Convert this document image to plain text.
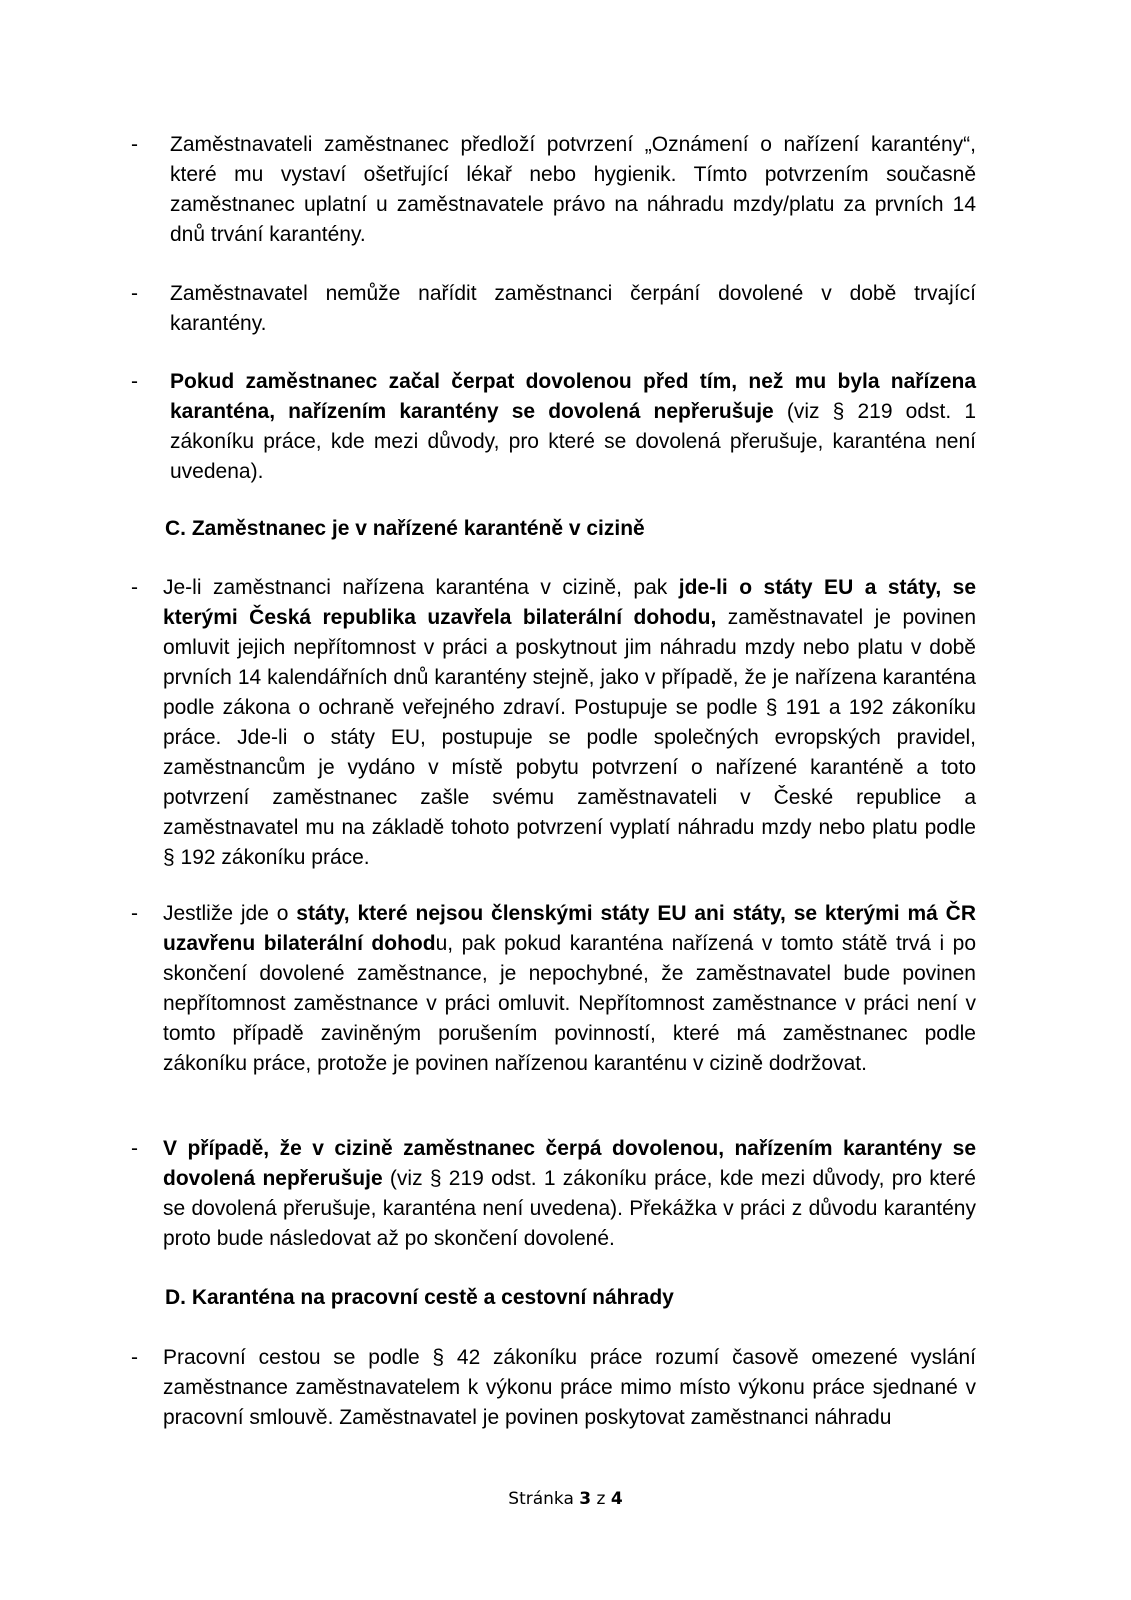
- Zaměstnavateli zaměstnanec předloží potvrzení „Oznámení o nařízení karantény“, které mu vystaví ošetřující lékař nebo hygienik. Tímto potvrzením současně zaměstnanec uplatní u zaměstnavatele právo na náhradu mzdy/platu za prvních 14 dnů trvání karantény.

- Zaměstnavatel nemůže nařídit zaměstnanci čerpání dovolené v době trvající karantény.

- Pokud zaměstnanec začal čerpat dovolenou před tím, než mu byla nařízena karanténa, nařízením karantény se dovolená nepřerušuje (viz § 219 odst. 1 zákoníku práce, kde mezi důvody, pro které se dovolená přerušuje, karanténa není uvedena).

C. Zaměstnanec je v nařízené karanténě v cizině
- Je-li zaměstnanci nařízena karanténa v cizině, pak jde-li o státy EU a státy, se kterými Česká republika uzavřela bilaterální dohodu, zaměstnavatel je povinen omluvit jejich nepřítomnost v práci a poskytnout jim náhradu mzdy nebo platu v době prvních 14 kalendářních dnů karantény stejně, jako v případě, že je nařízena karanténa podle zákona o ochraně veřejného zdraví. Postupuje se podle § 191 a 192 zákoníku práce. Jde-li o státy EU, postupuje se podle společných evropských pravidel, zaměstnancům je vydáno v místě pobytu potvrzení o nařízené karanténě a toto potvrzení zaměstnanec zašle svému zaměstnavateli v České republice a zaměstnavatel mu na základě tohoto potvrzení vyplatí náhradu mzdy nebo platu podle § 192 zákoníku práce.

- Jestliže jde o státy, které nejsou členskými státy EU ani státy, se kterými má ČR uzavřenu bilaterální dohodu, pak pokud karanténa nařízená v tomto státě trvá i po skončení dovolené zaměstnance, je nepochybné, že zaměstnavatel bude povinen nepřítomnost zaměstnance v práci omluvit. Nepřítomnost zaměstnance v práci není v tomto případě zaviněným porušením povinností, které má zaměstnanec podle zákoníku práce, protože je povinen nařízenou karanténu v cizině dodržovat.

- V případě, že v cizině zaměstnanec čerpá dovolenou, nařízením karantény se dovolená nepřerušuje (viz § 219 odst. 1 zákoníku práce, kde mezi důvody, pro které se dovolená přerušuje, karanténa není uvedena). Překážka v práci z důvodu karantény proto bude následovat až po skončení dovolené.

D. Karanténa na pracovní cestě a cestovní náhrady
- Pracovní cestou se podle § 42 zákoníku práce rozumí časově omezené vyslání zaměstnance zaměstnavatelem k výkonu práce mimo místo výkonu práce sjednané v pracovní smlouvě. Zaměstnavatel je povinen poskytovat zaměstnanci náhradu

Stránka 3 z 4
